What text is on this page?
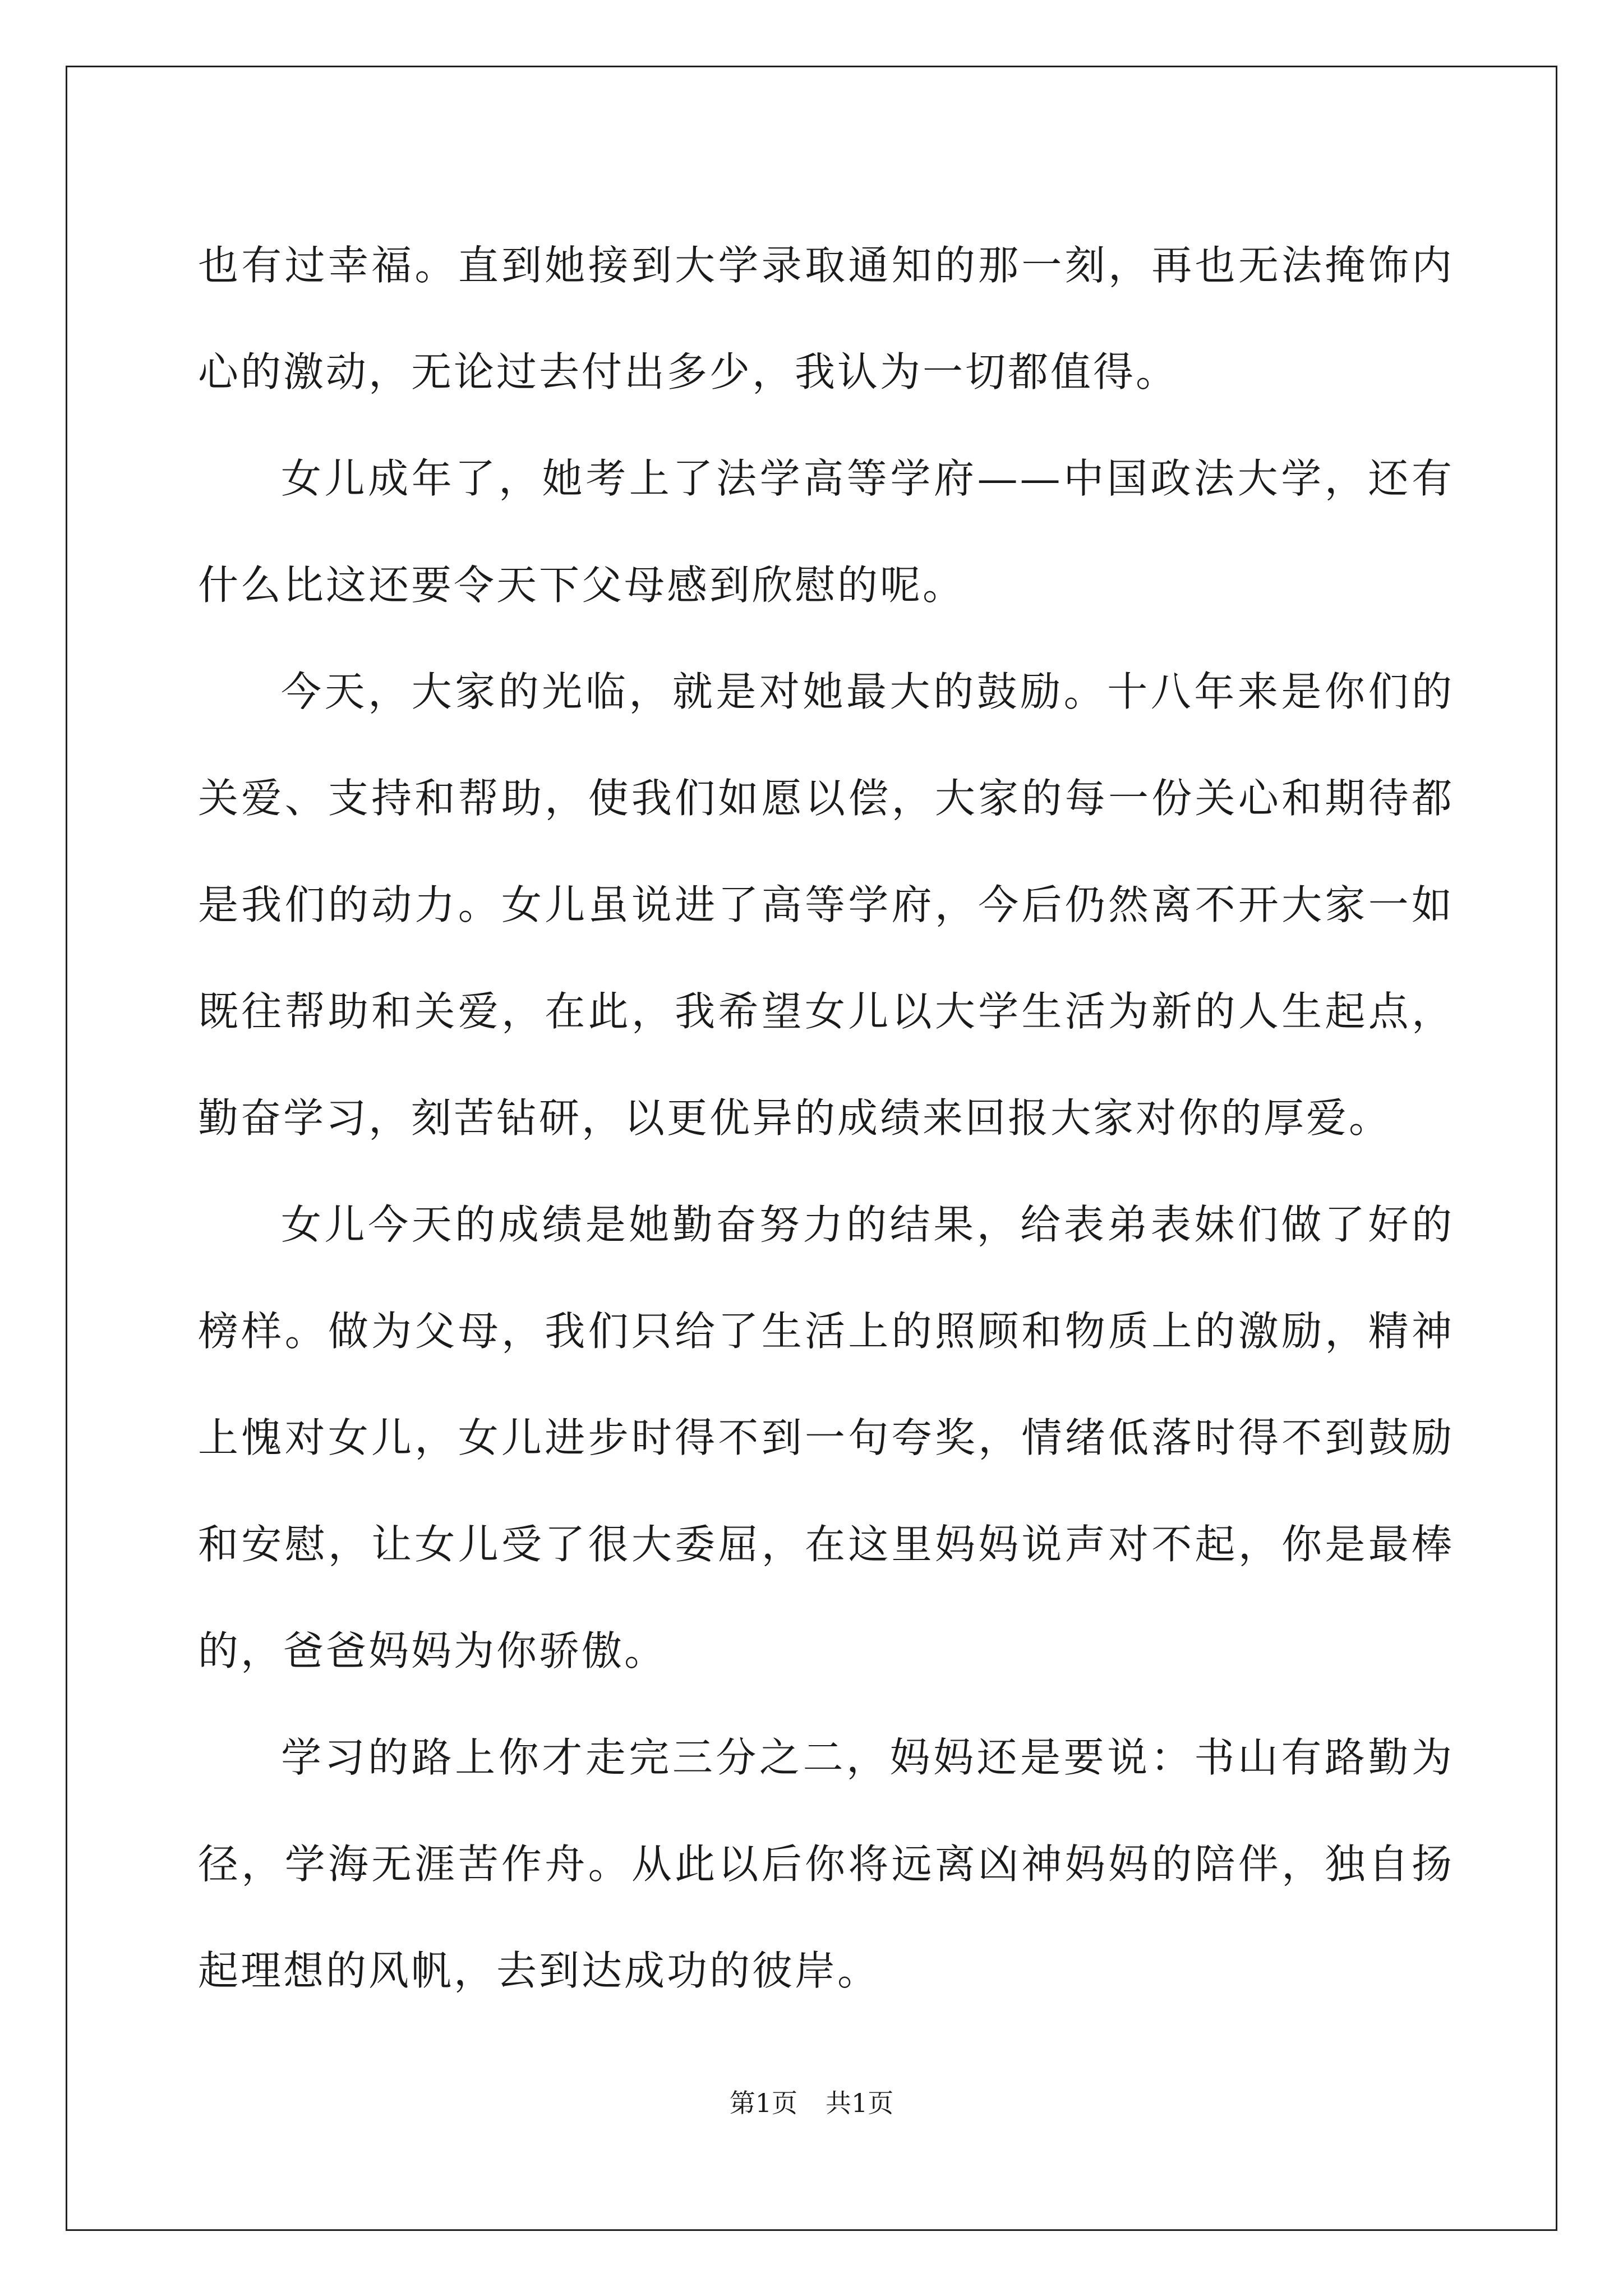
也有过幸福。直到她接到大学录取通知的那一刻，再也无法掩饰内心的激动，无论过去付出多少，我认为一切都值得。

女儿成年了，她考上了法学高等学府——中国政法大学，还有什么比这还要令天下父母感到欣慰的呢。

今天，大家的光临，就是对她最大的鼓励。十八年来是你们的关爱、支持和帮助，使我们如愿以偿，大家的每一份关心和期待都是我们的动力。女儿虽说进了高等学府，今后仍然离不开大家一如既往帮助和关爱，在此，我希望女儿以大学生活为新的人生起点，勤奋学习，刻苦钻研，以更优异的成绩来回报大家对你的厚爱。

女儿今天的成绩是她勤奋努力的结果，给表弟表妹们做了好的榜样。做为父母，我们只给了生活上的照顾和物质上的激励，精神上愧对女儿，女儿进步时得不到一句夸奖，情绪低落时得不到鼓励和安慰，让女儿受了很大委屈，在这里妈妈说声对不起，你是最棒的，爸爸妈妈为你骄傲。

学习的路上你才走完三分之二，妈妈还是要说：书山有路勤为径，学海无涯苦作舟。从此以后你将远离凶神妈妈的陪伴，独自扬起理想的风帆，去到达成功的彼岸。

第1页 共1页
